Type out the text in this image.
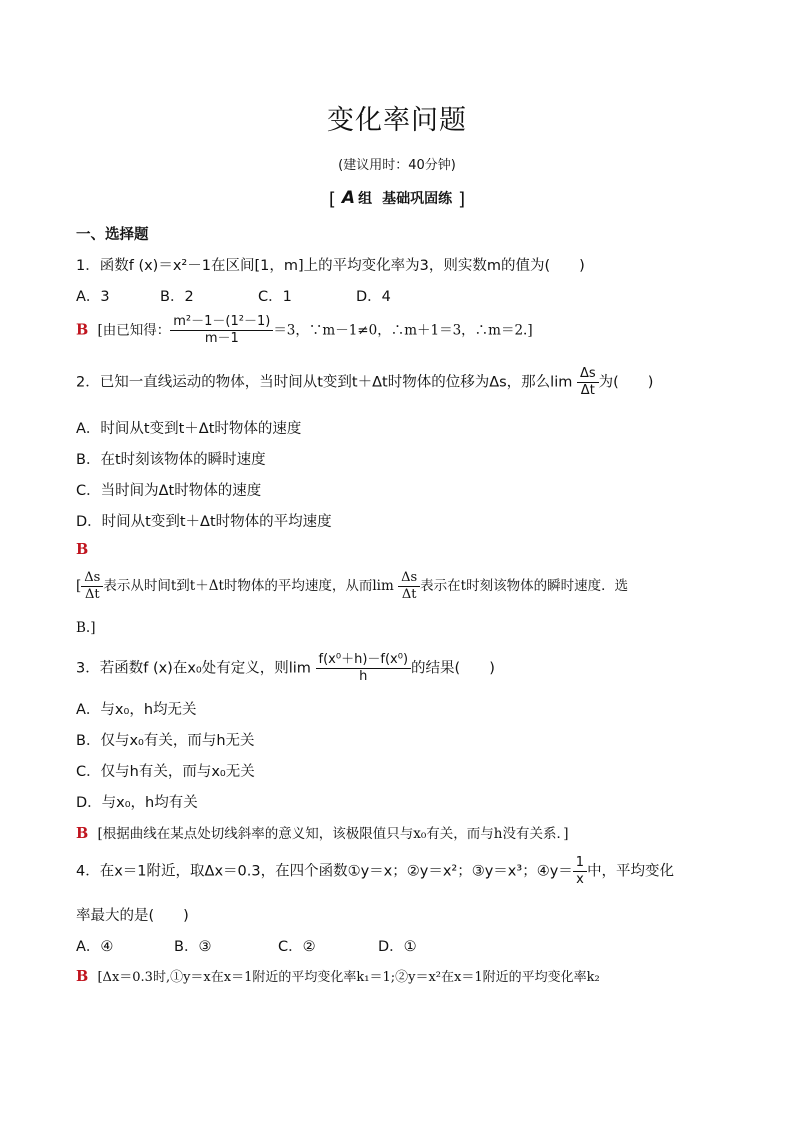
变化率问题
(建议用时：40分钟)
[ A 组 基础巩固练 ]
一、选择题
1．函数f (x)＝x²－1在区间[1，m]上的平均变化率为3，则实数m的值为(　　)
A．3	B．2	C．1	D．4
B [由已知得： $\frac{\text{m²－1－(1²－1)}}{m-1} =3$，∵m－1≠0，∴m＋1＝3，∴m＝2.]
2．已知一直线运动的物体，当时间从t变到t＋Δt时物体的位移为Δs，那么$\lim \frac{\Delta s}{\Delta t}$ 为(　　)
A．时间从t变到t＋Δt时物体的速度
B．在t时刻该物体的瞬时速度
C．当时间为Δt时物体的速度
D．时间从t变到t＋Δt时物体的平均速度
B
[ $\frac{\Delta s}{\Delta t}$ 表示从时间t到t＋Δt时物体的平均速度，从而$\lim \frac{\Delta s}{\Delta t}$ 表示在t时刻该物体的瞬时速度．选
B.]
3．若函数f (x)在x₀处有定义，则$\lim \frac{\text{f(x⁰＋h)－f(x⁰)}}{h}$ 的结果(　　)
A．与x₀，h均无关
B．仅与x₀有关，而与h无关
C．仅与h有关，而与x₀无关
D．与x₀，h均有关
B [根据曲线在某点处切线斜率的意义知，该极限值只与x₀有关，而与h没有关系．]
4．在x＝1附近，取Δx＝0.3，在四个函数①y＝x；②y＝x²；③y＝x³；④y＝ $\frac{1}{x}$ 中，平均变化
率最大的是(　　)
A．④	B．③	C．②	D．①
B [Δx＝0.3时,①y＝x在x＝1附近的平均变化率k₁＝1;②y＝x²在x＝1附近的平均变化率k₂
